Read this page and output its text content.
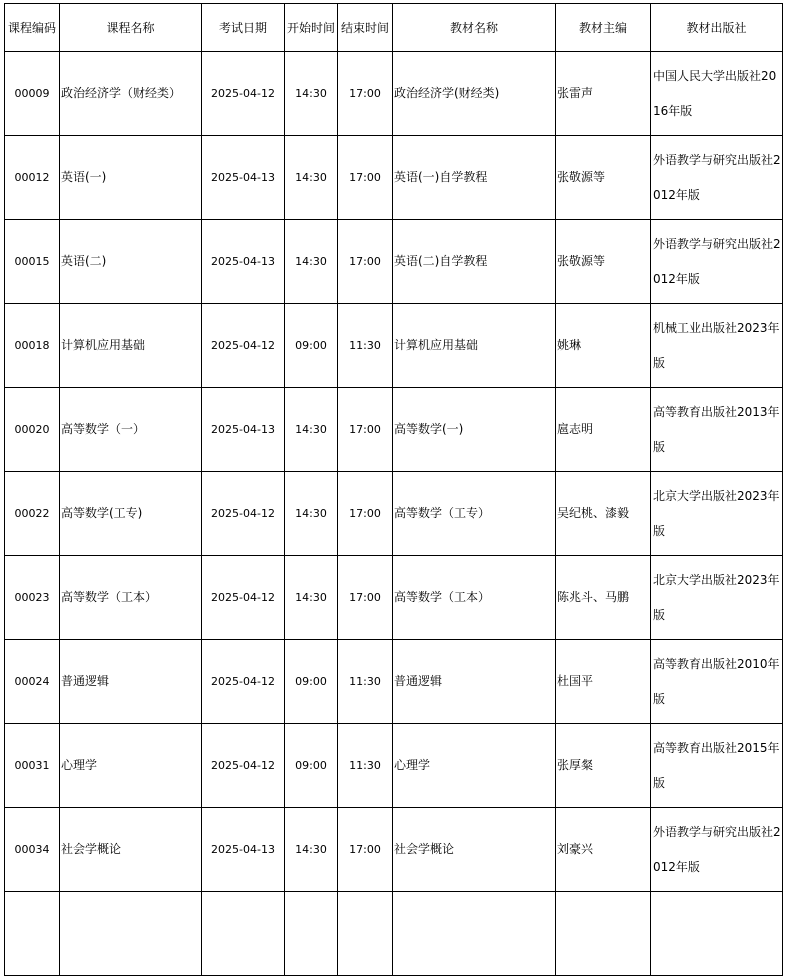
课程编码	课程名称	考试日期	开始时间	结束时间	教材名称	教材主编	教材出版社
00009	政治经济学（财经类）	2025-04-12	14:30	17:00	政治经济学(财经类)	张雷声	中国人民大学出版社2016年版
00012	英语(一)	2025-04-13	14:30	17:00	英语(一)自学教程	张敬源等	外语教学与研究出版社2012年版
00015	英语(二)	2025-04-13	14:30	17:00	英语(二)自学教程	张敬源等	外语教学与研究出版社2012年版
00018	计算机应用基础	2025-04-12	09:00	11:30	计算机应用基础	姚琳	机械工业出版社2023年版
00020	高等数学（一）	2025-04-13	14:30	17:00	高等数学(一)	扈志明	高等教育出版社2013年版
00022	高等数学(工专)	2025-04-12	14:30	17:00	高等数学（工专）	吴纪桃、漆毅	北京大学出版社2023年版
00023	高等数学（工本）	2025-04-12	14:30	17:00	高等数学（工本）	陈兆斗、马鹏	北京大学出版社2023年版
00024	普通逻辑	2025-04-12	09:00	11:30	普通逻辑	杜国平	高等教育出版社2010年版
00031	心理学	2025-04-12	09:00	11:30	心理学	张厚粲	高等教育出版社2015年版
00034	社会学概论	2025-04-13	14:30	17:00	社会学概论	刘豪兴	外语教学与研究出版社2012年版
